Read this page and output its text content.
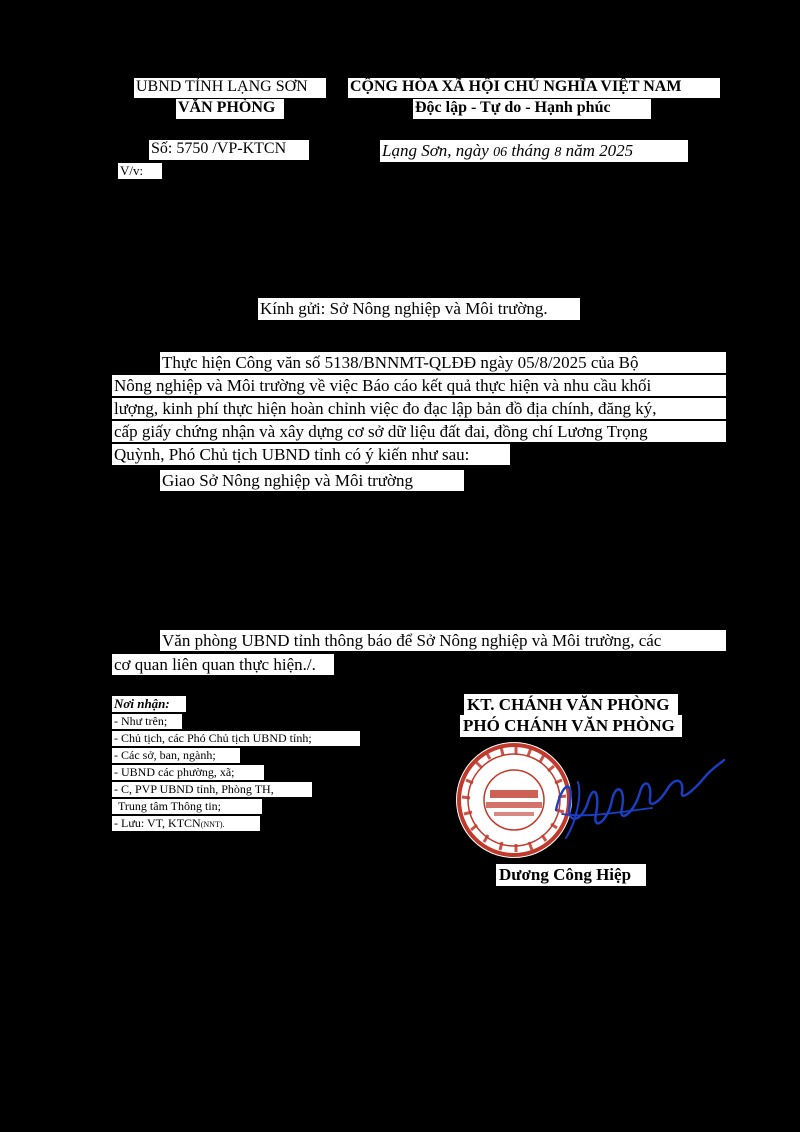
UBND TỈNH LẠNG SƠN
VĂN PHÒNG
CỘNG HÒA XÃ HỘI CHỦ NGHĨA VIỆT NAM
Độc lập - Tự do - Hạnh phúc
Số: 5750 /VP-KTCN
V/v:
Lạng Sơn, ngày 06 tháng 8 năm 2025
Kính gửi: Sở Nông nghiệp và Môi trường.
Thực hiện Công văn số 5138/BNNMT-QLĐĐ ngày 05/8/2025 của Bộ
Nông nghiệp và Môi trường về việc Báo cáo kết quả thực hiện và nhu cầu khối
lượng, kinh phí thực hiện hoàn chỉnh việc đo đạc lập bản đồ địa chính, đăng ký,
cấp giấy chứng nhận và xây dựng cơ sở dữ liệu đất đai, đồng chí Lương Trọng
Quỳnh, Phó Chủ tịch UBND tỉnh có ý kiến như sau:
Giao Sở Nông nghiệp và Môi trường
Văn phòng UBND tỉnh thông báo để Sở Nông nghiệp và Môi trường, các
cơ quan liên quan thực hiện./.
Nơi nhận:
- Như trên;
- Chủ tịch, các Phó Chủ tịch UBND tỉnh;
- Các sở, ban, ngành;
- UBND các phường, xã;
- C, PVP UBND tỉnh, Phòng TH,
Trung tâm Thông tin;
- Lưu: VT, KTCN(NNT).
KT. CHÁNH VĂN PHÒNG
PHÓ CHÁNH VĂN PHÒNG
Dương Công Hiệp
